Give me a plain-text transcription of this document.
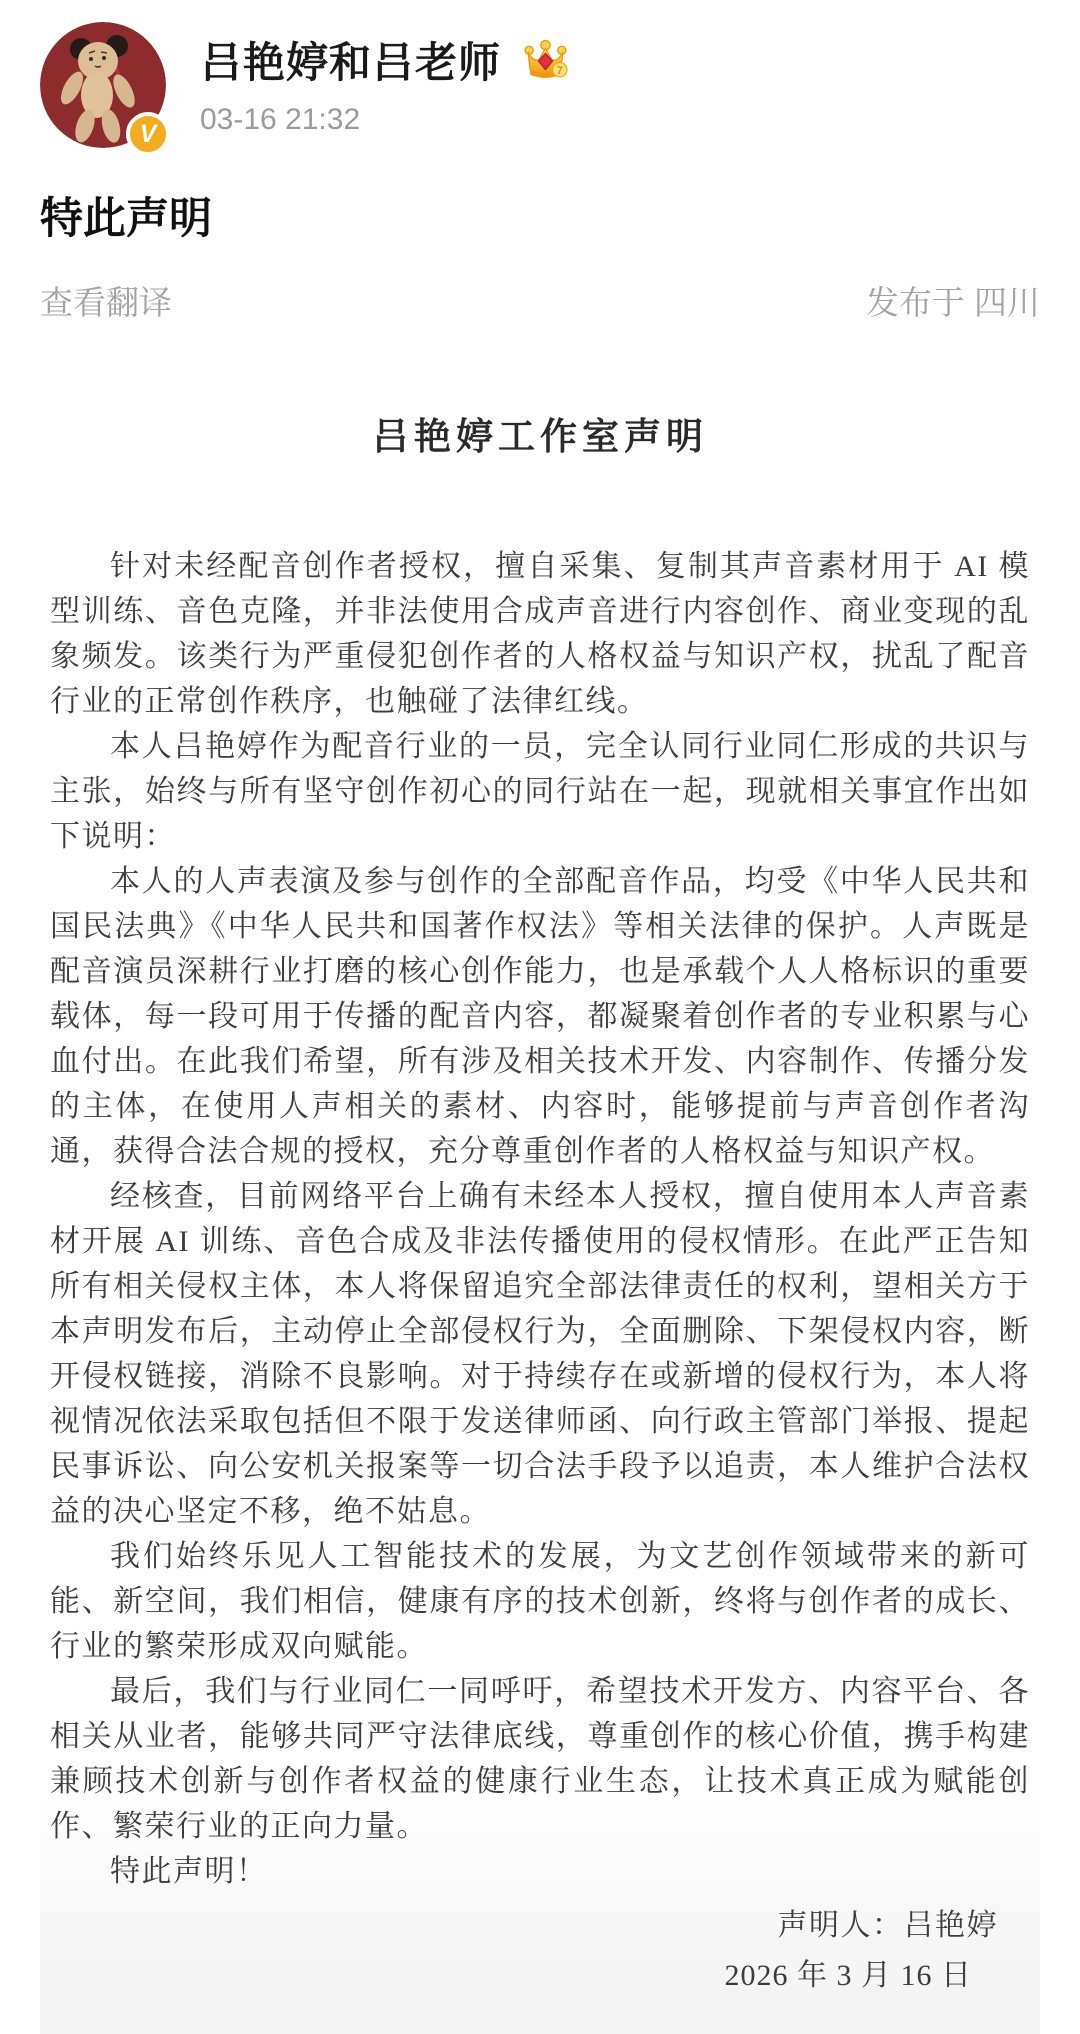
V
吕艳婷和吕老师	7
03-16 21:32
特此声明
查看翻译	发布于 四川
吕艳婷工作室声明

针对未经配音创作者授权，擅自采集、复制其声音素材用于 AI 模型训练、音色克隆，并非法使用合成声音进行内容创作、商业变现的乱象频发。该类行为严重侵犯创作者的人格权益与知识产权，扰乱了配音行业的正常创作秩序，也触碰了法律红线。

本人吕艳婷作为配音行业的一员，完全认同行业同仁形成的共识与主张，始终与所有坚守创作初心的同行站在一起，现就相关事宜作出如下说明：

本人的人声表演及参与创作的全部配音作品，均受《中华人民共和国民法典》《中华人民共和国著作权法》等相关法律的保护。人声既是配音演员深耕行业打磨的核心创作能力，也是承载个人人格标识的重要载体，每一段可用于传播的配音内容，都凝聚着创作者的专业积累与心血付出。在此我们希望，所有涉及相关技术开发、内容制作、传播分发的主体，在使用人声相关的素材、内容时，能够提前与声音创作者沟通，获得合法合规的授权，充分尊重创作者的人格权益与知识产权。

经核查，目前网络平台上确有未经本人授权，擅自使用本人声音素材开展 AI 训练、音色合成及非法传播使用的侵权情形。在此严正告知所有相关侵权主体，本人将保留追究全部法律责任的权利，望相关方于本声明发布后，主动停止全部侵权行为，全面删除、下架侵权内容，断开侵权链接，消除不良影响。对于持续存在或新增的侵权行为，本人将视情况依法采取包括但不限于发送律师函、向行政主管部门举报、提起民事诉讼、向公安机关报案等一切合法手段予以追责，本人维护合法权益的决心坚定不移，绝不姑息。

我们始终乐见人工智能技术的发展，为文艺创作领域带来的新可能、新空间，我们相信，健康有序的技术创新，终将与创作者的成长、行业的繁荣形成双向赋能。

最后，我们与行业同仁一同呼吁，希望技术开发方、内容平台、各相关从业者，能够共同严守法律底线，尊重创作的核心价值，携手构建兼顾技术创新与创作者权益的健康行业生态，让技术真正成为赋能创作、繁荣行业的正向力量。

特此声明！

声明人：吕艳婷

2026 年 3 月 16 日
